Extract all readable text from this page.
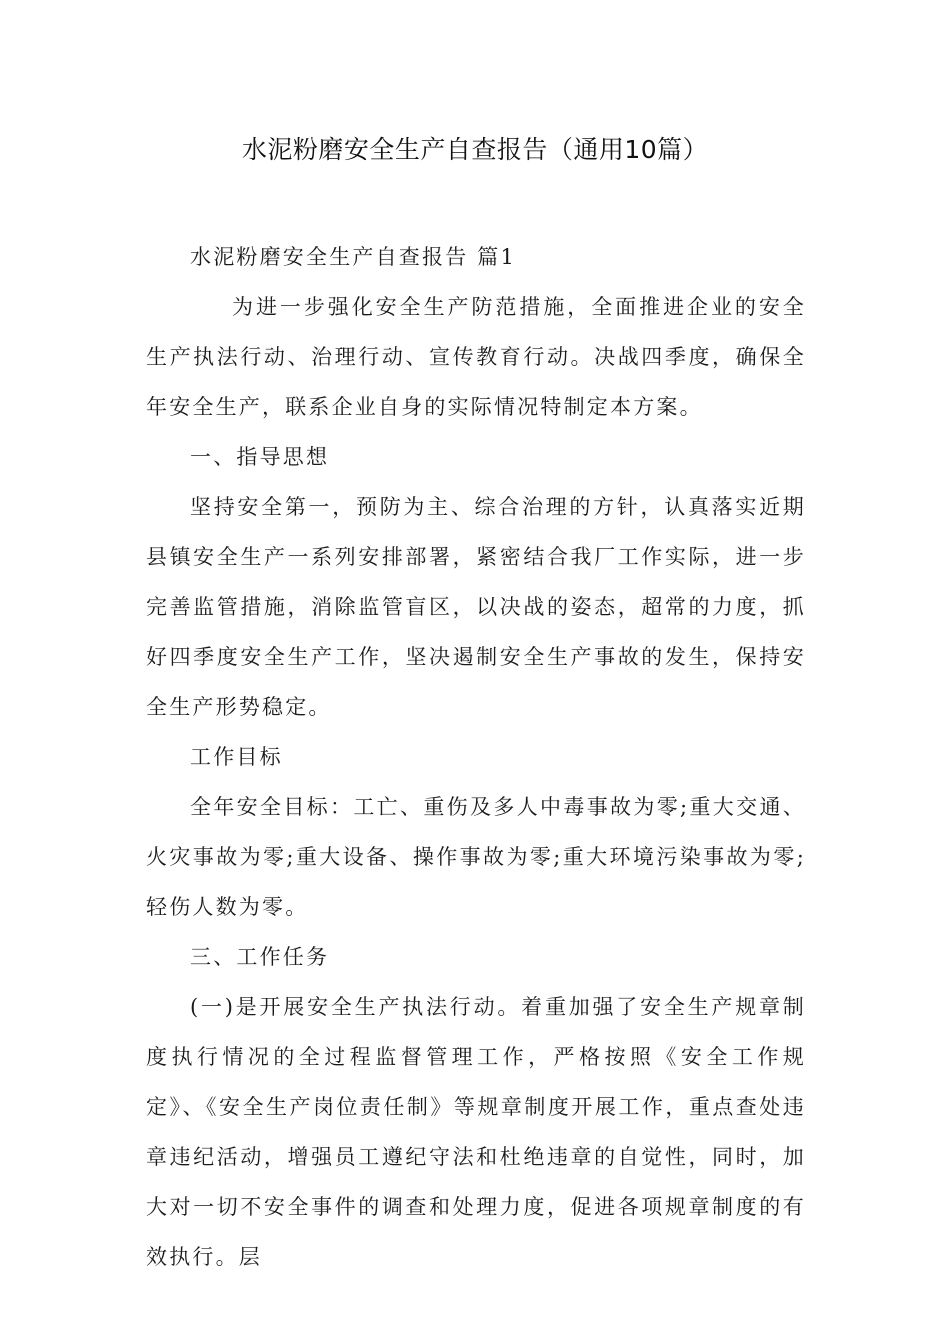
水泥粉磨安全生产自查报告（通用10篇）

水泥粉磨安全生产自查报告 篇1

为进一步强化安全生产防范措施，全面推进企业的安全生产执法行动、治理行动、宣传教育行动。决战四季度，确保全年安全生产，联系企业自身的实际情况特制定本方案。

一、指导思想

坚持安全第一，预防为主、综合治理的方针，认真落实近期县镇安全生产一系列安排部署，紧密结合我厂工作实际，进一步完善监管措施，消除监管盲区，以决战的姿态，超常的力度，抓好四季度安全生产工作，坚决遏制安全生产事故的发生，保持安全生产形势稳定。

工作目标

全年安全目标：工亡、重伤及多人中毒事故为零;重大交通、火灾事故为零;重大设备、操作事故为零;重大环境污染事故为零;轻伤人数为零。

三、工作任务

(一)是开展安全生产执法行动。着重加强了安全生产规章制度执行情况的全过程监督管理工作，严格按照《安全工作规定》、《安全生产岗位责任制》等规章制度开展工作，重点查处违章违纪活动，增强员工遵纪守法和杜绝违章的自觉性，同时，加大对一切不安全事件的调查和处理力度，促进各项规章制度的有效执行。层
